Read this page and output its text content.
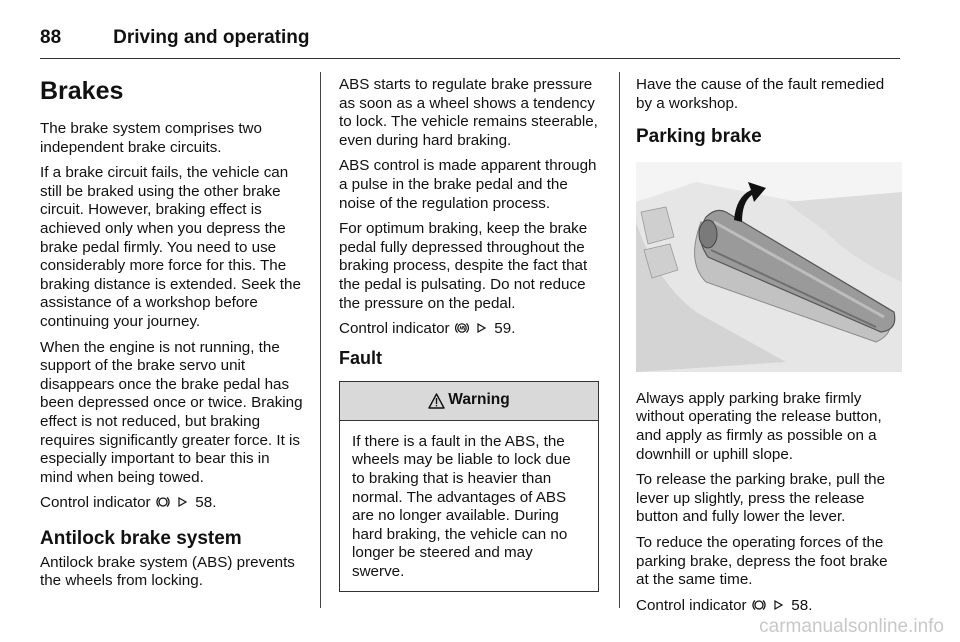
88	Driving and operating
Brakes

The brake system comprises two independent brake circuits.

If a brake circuit fails, the vehicle can still be braked using the other brake circuit. However, braking effect is achieved only when you depress the brake pedal firmly. You need to use considerably more force for this. The braking distance is extended. Seek the assistance of a workshop before continuing your journey.

When the engine is not running, the support of the brake servo unit disappears once the brake pedal has been depressed once or twice. Braking effect is not reduced, but braking requires significantly greater force. It is especially important to bear this in mind when being towed.

Control indicator	58.

Antilock brake system

Antilock brake system (ABS) prevents the wheels from locking.

ABS starts to regulate brake pressure as soon as a wheel shows a tendency to lock. The vehicle remains steerable, even during hard braking.

ABS control is made apparent through a pulse in the brake pedal and the noise of the regulation process.

For optimum braking, keep the brake pedal fully depressed throughout the braking process, despite the fact that the pedal is pulsating. Do not reduce the pressure on the pedal.

Control indicator	59.

Fault
Warning
If there is a fault in the ABS, the wheels may be liable to lock due to braking that is heavier than normal. The advantages of ABS are no longer available. During hard braking, the vehicle can no longer be steered and may swerve.

Have the cause of the fault remedied by a workshop.

Parking brake

Always apply parking brake firmly without operating the release button, and apply as firmly as possible on a downhill or uphill slope.

To release the parking brake, pull the lever up slightly, press the release button and fully lower the lever.

To reduce the operating forces of the parking brake, depress the foot brake at the same time.

Control indicator	58.

carmanualsonline.info
